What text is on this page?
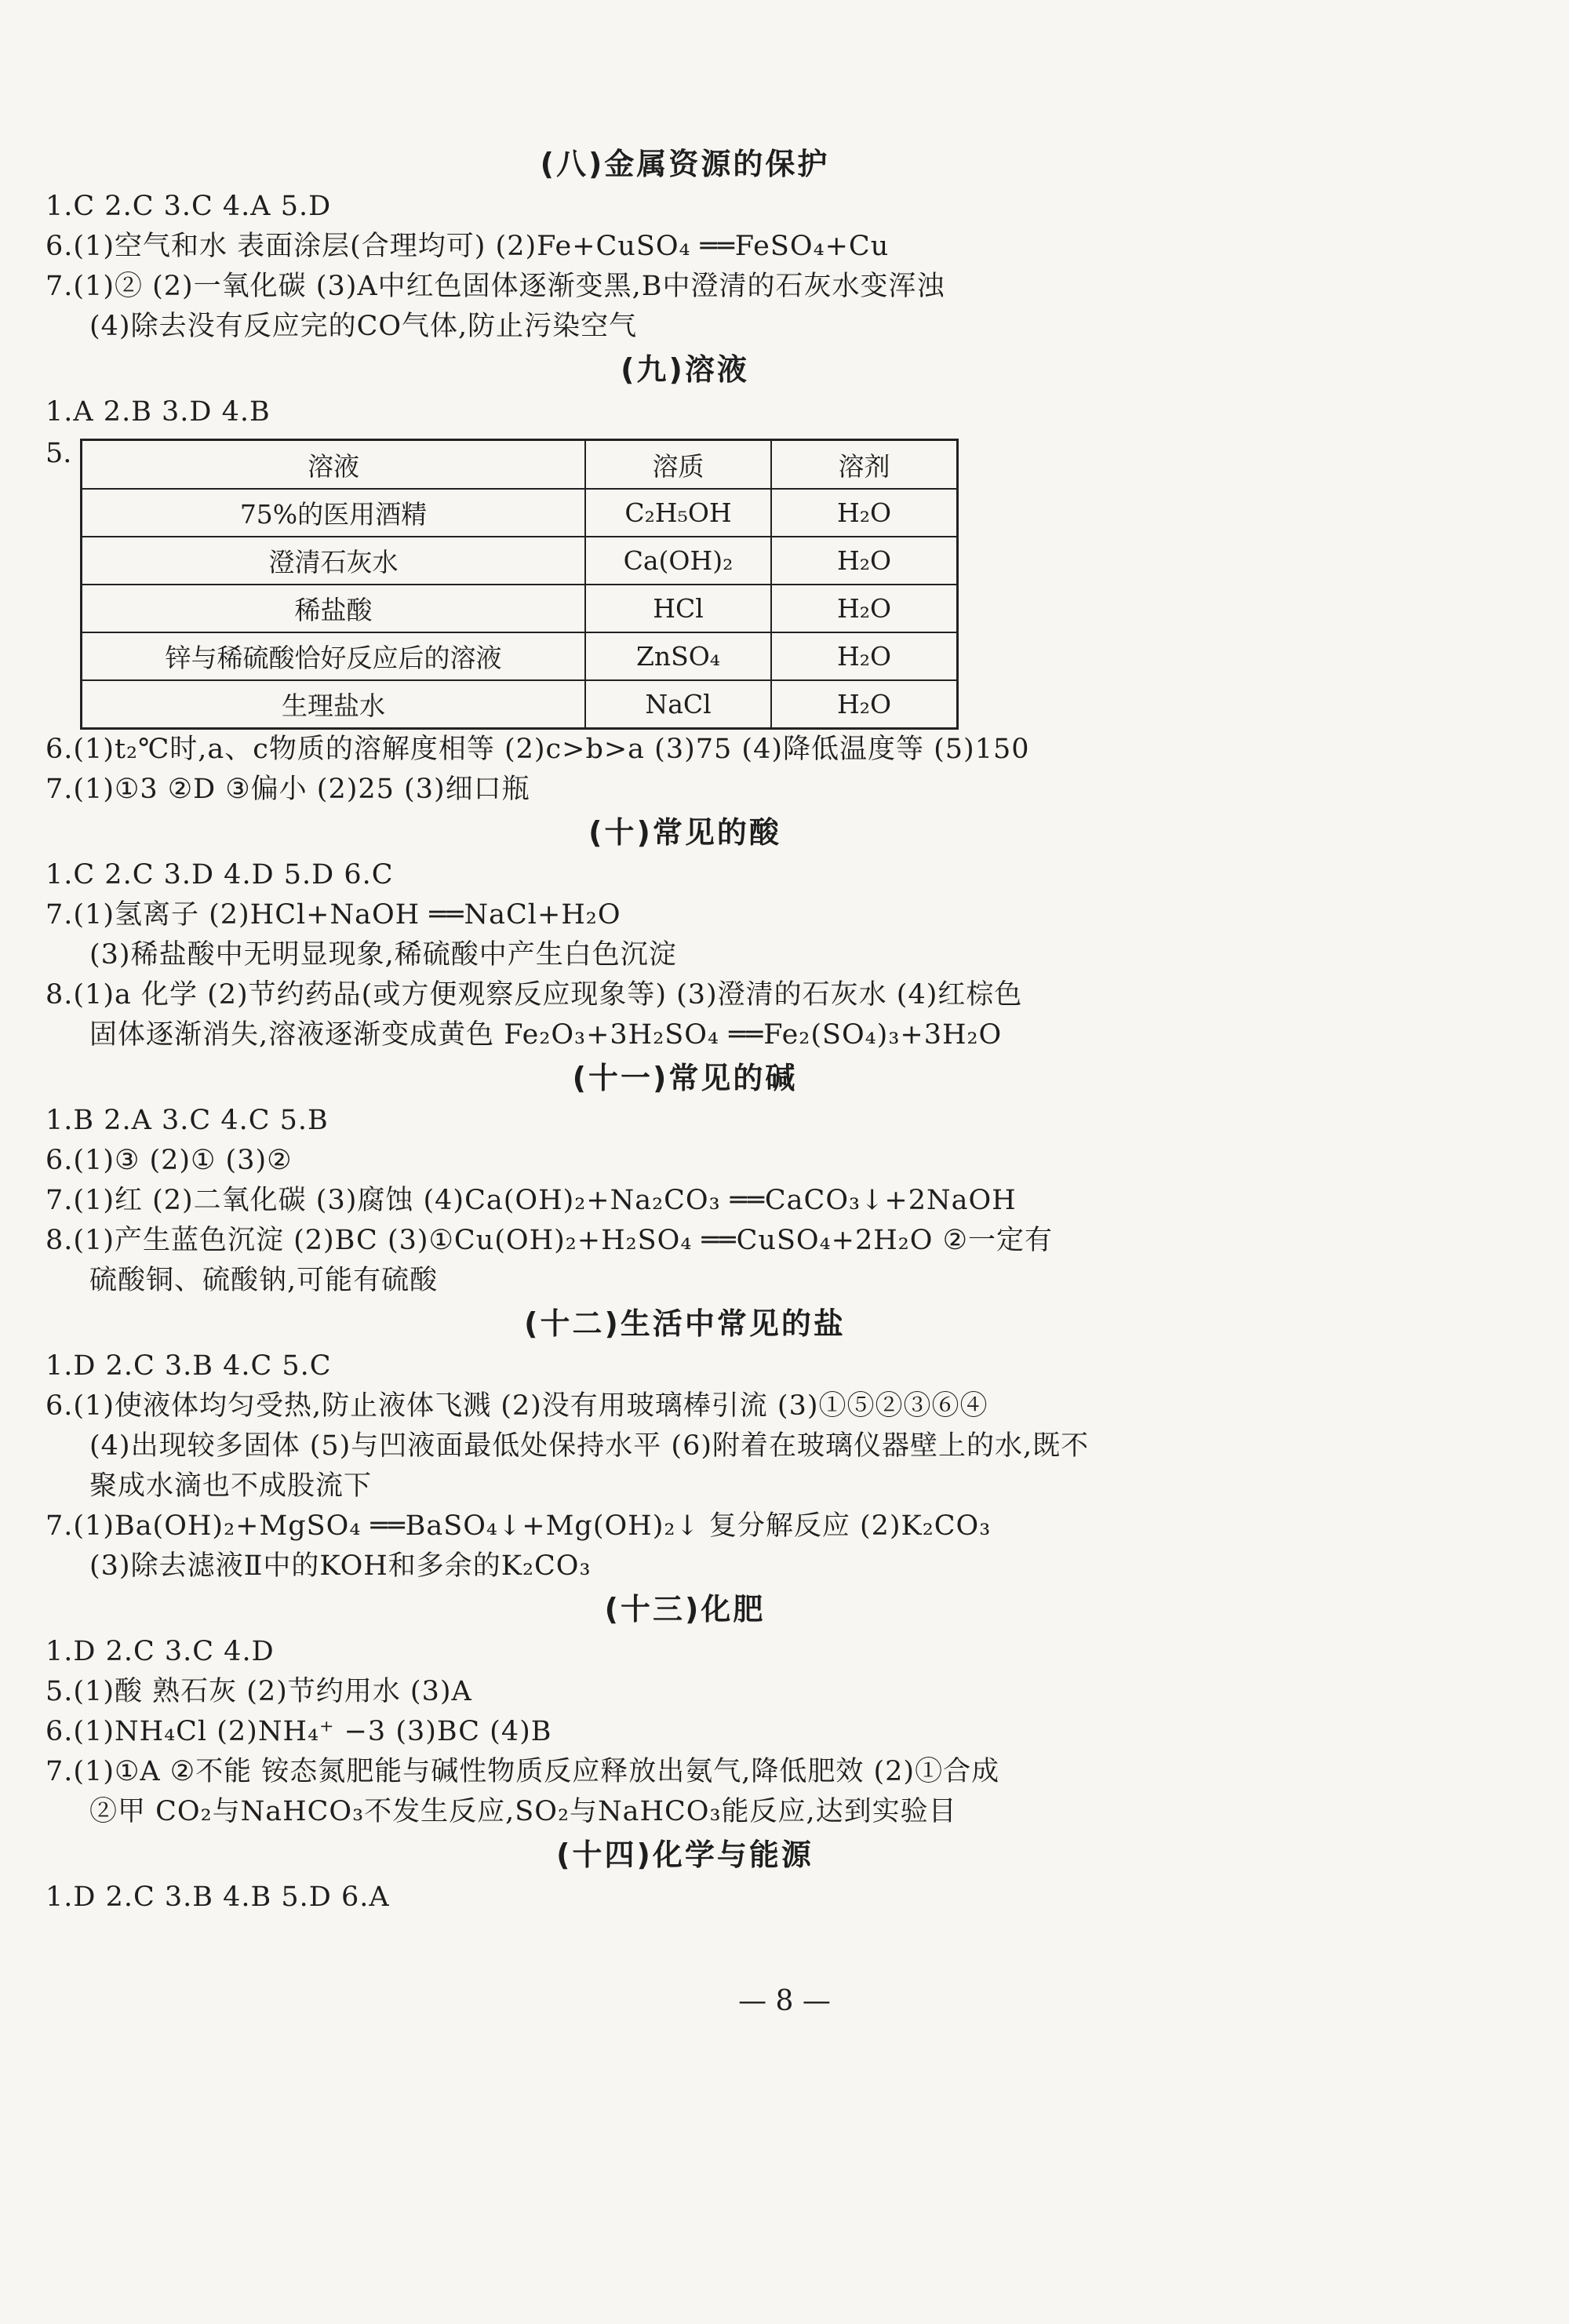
(八)金属资源的保护
1.C 2.C 3.C 4.A 5.D
6.(1)空气和水 表面涂层(合理均可) (2)Fe+CuSO₄ ══FeSO₄+Cu
7.(1)② (2)一氧化碳 (3)A中红色固体逐渐变黑,B中澄清的石灰水变浑浊
(4)除去没有反应完的CO气体,防止污染空气
(九)溶液
1.A 2.B 3.D 4.B
5.	溶液	溶质	溶剂
75%的医用酒精	C₂H₅OH	H₂O
澄清石灰水	Ca(OH)₂	H₂O
稀盐酸	HCl	H₂O
锌与稀硫酸恰好反应后的溶液	ZnSO₄	H₂O
生理盐水	NaCl	H₂O
6.(1)t₂℃时,a、c物质的溶解度相等 (2)c>b>a (3)75 (4)降低温度等 (5)150
7.(1)①3 ②D ③偏小 (2)25 (3)细口瓶
(十)常见的酸
1.C 2.C 3.D 4.D 5.D 6.C
7.(1)氢离子 (2)HCl+NaOH ══NaCl+H₂O
(3)稀盐酸中无明显现象,稀硫酸中产生白色沉淀
8.(1)a 化学 (2)节约药品(或方便观察反应现象等) (3)澄清的石灰水 (4)红棕色
固体逐渐消失,溶液逐渐变成黄色 Fe₂O₃+3H₂SO₄ ══Fe₂(SO₄)₃+3H₂O
(十一)常见的碱
1.B 2.A 3.C 4.C 5.B
6.(1)③ (2)① (3)②
7.(1)红 (2)二氧化碳 (3)腐蚀 (4)Ca(OH)₂+Na₂CO₃ ══CaCO₃↓+2NaOH
8.(1)产生蓝色沉淀 (2)BC (3)①Cu(OH)₂+H₂SO₄ ══CuSO₄+2H₂O ②一定有
硫酸铜、硫酸钠,可能有硫酸
(十二)生活中常见的盐
1.D 2.C 3.B 4.C 5.C
6.(1)使液体均匀受热,防止液体飞溅 (2)没有用玻璃棒引流 (3)①⑤②③⑥④
(4)出现较多固体 (5)与凹液面最低处保持水平 (6)附着在玻璃仪器壁上的水,既不
聚成水滴也不成股流下
7.(1)Ba(OH)₂+MgSO₄ ══BaSO₄↓+Mg(OH)₂↓ 复分解反应 (2)K₂CO₃
(3)除去滤液Ⅱ中的KOH和多余的K₂CO₃
(十三)化肥
1.D 2.C 3.C 4.D
5.(1)酸 熟石灰 (2)节约用水 (3)A
6.(1)NH₄Cl (2)NH₄⁺ −3 (3)BC (4)B
7.(1)①A ②不能 铵态氮肥能与碱性物质反应释放出氨气,降低肥效 (2)①合成
②甲 CO₂与NaHCO₃不发生反应,SO₂与NaHCO₃能反应,达到实验目
(十四)化学与能源
1.D 2.C 3.B 4.B 5.D 6.A
— 8 —
